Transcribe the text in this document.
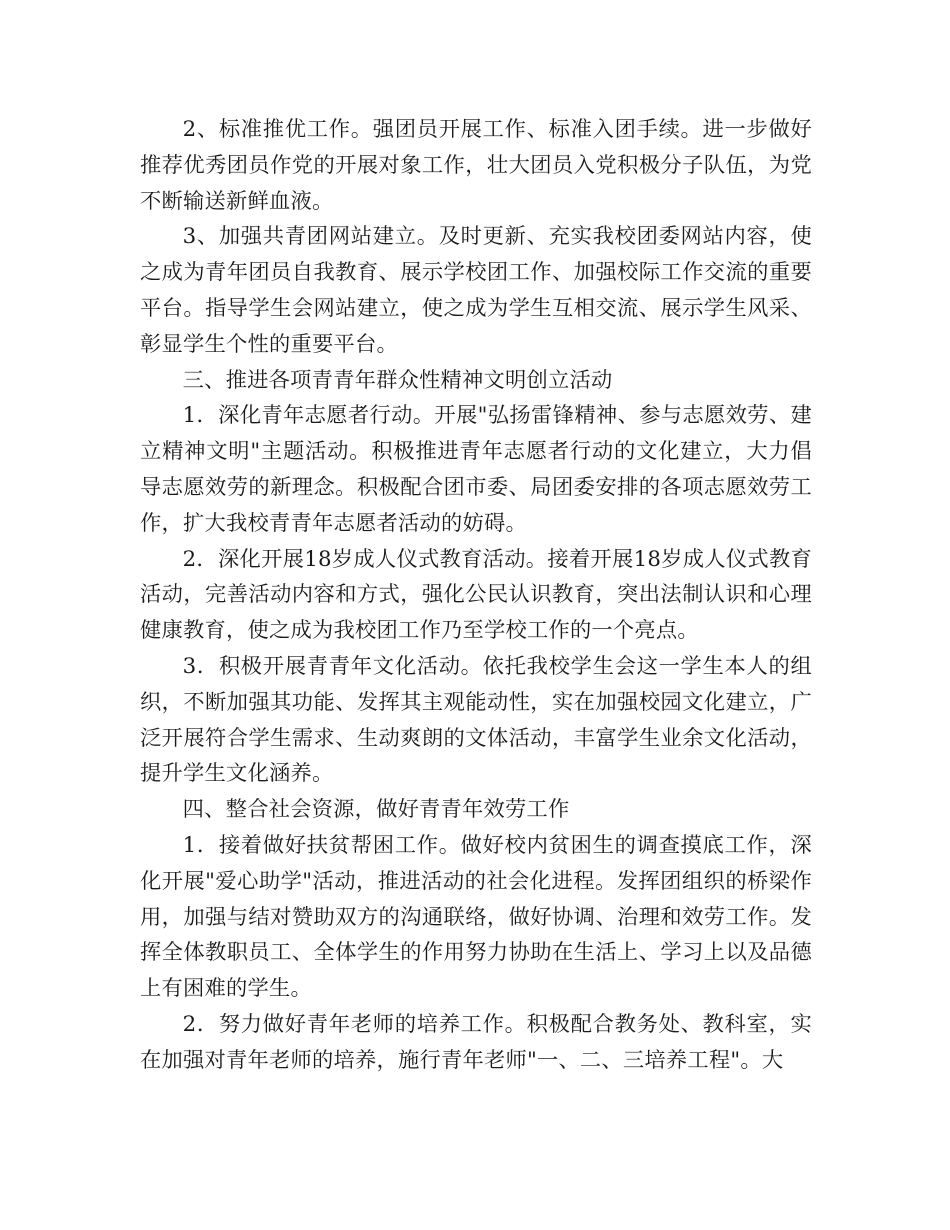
2、标准推优工作。强团员开展工作、标准入团手续。进一步做好推荐优秀团员作党的开展对象工作，壮大团员入党积极分子队伍，为党不断输送新鲜血液。

3、加强共青团网站建立。及时更新、充实我校团委网站内容，使之成为青年团员自我教育、展示学校团工作、加强校际工作交流的重要平台。指导学生会网站建立，使之成为学生互相交流、展示学生风采、彰显学生个性的重要平台。

三、推进各项青青年群众性精神文明创立活动

1．深化青年志愿者行动。开展"弘扬雷锋精神、参与志愿效劳、建立精神文明"主题活动。积极推进青年志愿者行动的文化建立，大力倡导志愿效劳的新理念。积极配合团市委、局团委安排的各项志愿效劳工作，扩大我校青青年志愿者活动的妨碍。

2．深化开展18岁成人仪式教育活动。接着开展18岁成人仪式教育活动，完善活动内容和方式，强化公民认识教育，突出法制认识和心理健康教育，使之成为我校团工作乃至学校工作的一个亮点。

3．积极开展青青年文化活动。依托我校学生会这一学生本人的组织，不断加强其功能、发挥其主观能动性，实在加强校园文化建立，广泛开展符合学生需求、生动爽朗的文体活动，丰富学生业余文化活动，提升学生文化涵养。

四、整合社会资源，做好青青年效劳工作

1．接着做好扶贫帮困工作。做好校内贫困生的调查摸底工作，深化开展"爱心助学"活动，推进活动的社会化进程。发挥团组织的桥梁作用，加强与结对赞助双方的沟通联络，做好协调、治理和效劳工作。发挥全体教职员工、全体学生的作用努力协助在生活上、学习上以及品德上有困难的学生。

2．努力做好青年老师的培养工作。积极配合教务处、教科室，实在加强对青年老师的培养，施行青年老师"一、二、三培养工程"。大
